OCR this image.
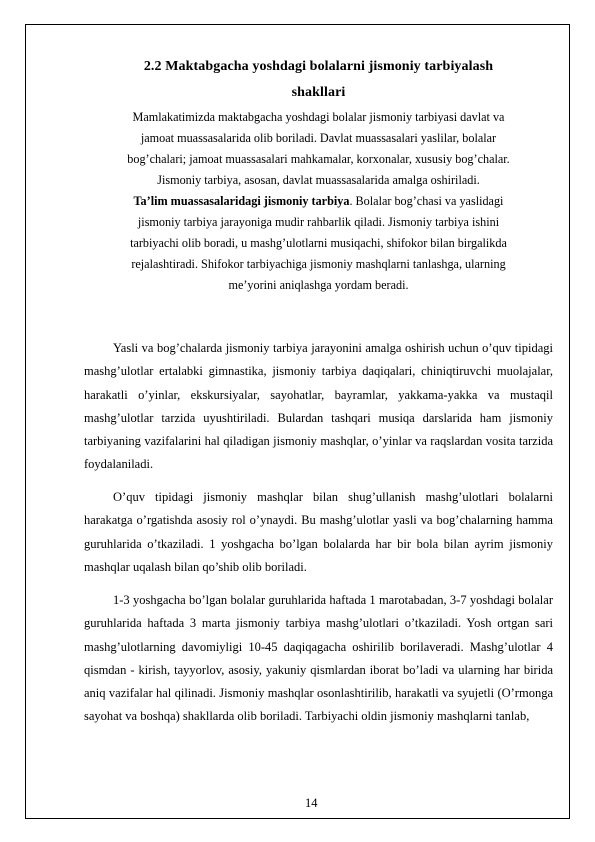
2.2 Maktabgacha yoshdagi bolalarni jismoniy tarbiyalash
shakllari
Mamlakatimizda maktabgacha yoshdagi bolalar jismoniy tarbiyasi davlat va
jamoat muassasalarida olib boriladi. Davlat muassasalari yaslilar, bolalar
bog’chalari; jamoat muassasalari mahkamalar, korxonalar, xususiy bog’chalar.
Jismoniy tarbiya, asosan, davlat muassasalarida amalga oshiriladi.
Ta’lim muassasalaridagi jismoniy tarbiya. Bolalar bog’chasi va yaslidagi
jismoniy tarbiya jarayoniga mudir rahbarlik qiladi. Jismoniy tarbiya ishini
tarbiyachi olib boradi, u mashg’ulotlarni musiqachi, shifokor bilan birgalikda
rejalashtiradi. Shifokor tarbiyachiga jismoniy mashqlarni tanlashga, ularning
me’yorini aniqlashga yordam beradi.

Yasli va bog’chalarda jismoniy tarbiya jarayonini amalga oshirish uchun o’quv tipidagi mashg’ulotlar ertalabki gimnastika, jismoniy tarbiya daqiqalari, chiniqtiruvchi muolajalar, harakatli o’yinlar, ekskursiyalar, sayohatlar, bayramlar, yakkama-yakka va mustaqil mashg’ulotlar tarzida uyushtiriladi. Bulardan tashqari musiqa darslarida ham jismoniy tarbiyaning vazifalarini hal qiladigan jismoniy mashqlar, o’yinlar va raqslardan vosita tarzida foydalaniladi.

O’quv tipidagi jismoniy mashqlar bilan shug’ullanish mashg’ulotlari bolalarni harakatga o’rgatishda asosiy rol o’ynaydi. Bu mashg’ulotlar yasli va bog’chalarning hamma guruhlarida o’tkaziladi. 1 yoshgacha bo’lgan bolalarda har bir bola bilan ayrim jismoniy mashqlar uqalash bilan qo’shib olib boriladi.

1-3 yoshgacha bo’lgan bolalar guruhlarida haftada 1 marotabadan, 3-7 yoshdagi bolalar guruhlarida haftada 3 marta jismoniy tarbiya mashg’ulotlari o’tkaziladi. Yosh ortgan sari mashg’ulotlarning davomiyligi 10-45 daqiqagacha oshirilib borilaveradi. Mashg’ulotlar 4 qismdan - kirish, tayyorlov, asosiy, yakuniy qismlardan iborat bo’ladi va ularning har birida aniq vazifalar hal qilinadi. Jismoniy mashqlar osonlashtirilib, harakatli va syujetli (O’rmonga sayohat va boshqa) shakllarda olib boriladi. Tarbiyachi oldin jismoniy mashqlarni tanlab,

14
